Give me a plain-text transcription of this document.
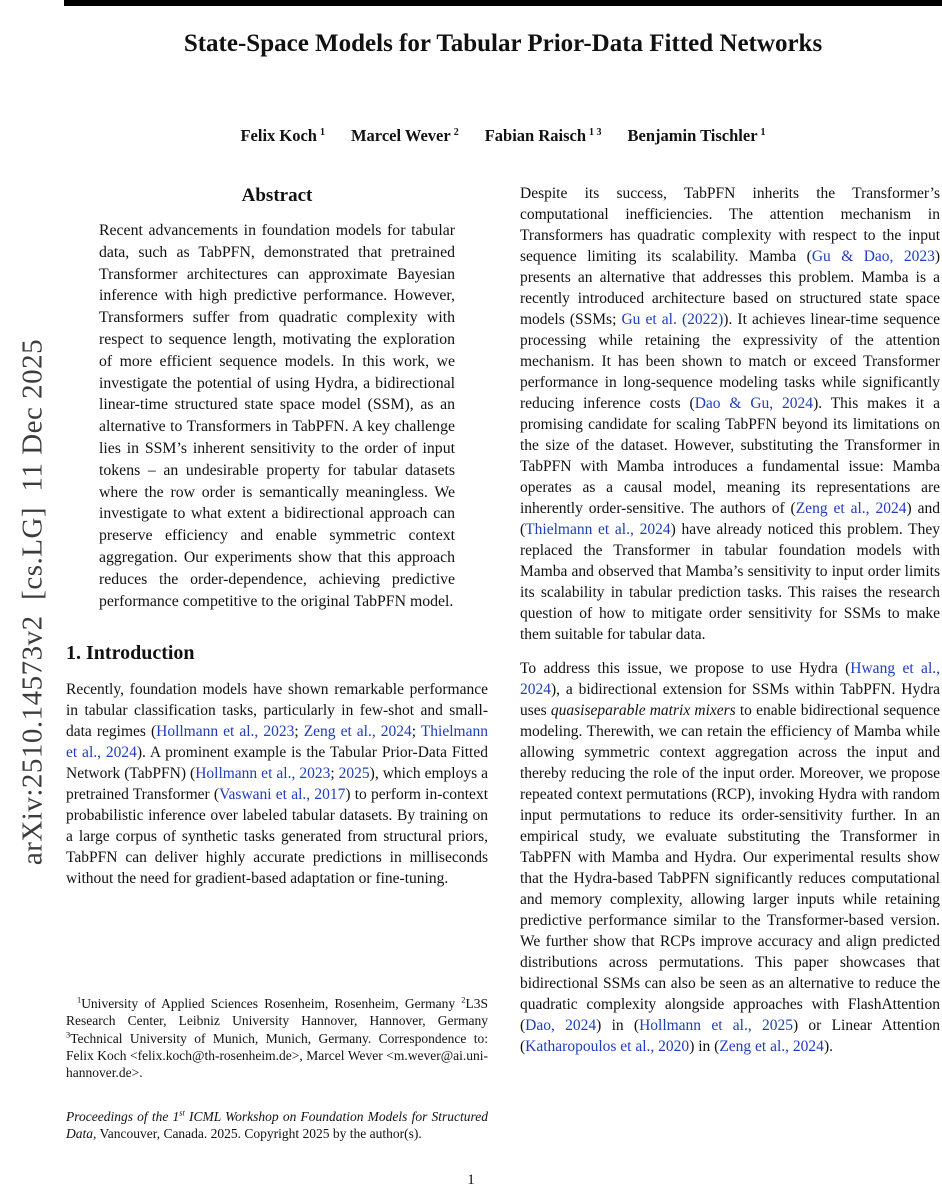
arXiv:2510.14573v2  [cs.LG]  11 Dec 2025
State-Space Models for Tabular Prior-Data Fitted Networks
Felix Koch $^1$ Marcel Wever $^2$ Fabian Raisch $^{1 3}$ Benjamin Tischler $^1$
Abstract

Recent advancements in foundation models for tabular data, such as TabPFN, demonstrated that pretrained Transformer architectures can approximate Bayesian inference with high predictive performance. However, Transformers suffer from quadratic complexity with respect to sequence length, motivating the exploration of more efficient sequence models. In this work, we investigate the potential of using Hydra, a bidirectional linear-time structured state space model (SSM), as an alternative to Transformers in TabPFN. A key challenge lies in SSM’s inherent sensitivity to the order of input tokens – an undesirable property for tabular datasets where the row order is semantically meaningless. We investigate to what extent a bidirectional approach can preserve efficiency and enable symmetric context aggregation. Our experiments show that this approach reduces the order-dependence, achieving predictive performance competitive to the original TabPFN model.

1. Introduction

Recently, foundation models have shown remarkable performance in tabular classification tasks, particularly in few-shot and small-data regimes (Hollmann et al., 2023; Zeng et al., 2024; Thielmann et al., 2024). A prominent example is the Tabular Prior-Data Fitted Network (TabPFN) (Hollmann et al., 2023; 2025), which employs a pretrained Transformer (Vaswani et al., 2017) to perform in-context probabilistic inference over labeled tabular datasets. By training on a large corpus of synthetic tasks generated from structural priors, TabPFN can deliver highly accurate predictions in milliseconds without the need for gradient-based adaptation or fine-tuning.

Despite its success, TabPFN inherits the Transformer’s computational inefficiencies. The attention mechanism in Transformers has quadratic complexity with respect to the input sequence limiting its scalability. Mamba (Gu & Dao, 2023) presents an alternative that addresses this problem. Mamba is a recently introduced architecture based on structured state space models (SSMs; Gu et al. (2022)). It achieves linear-time sequence processing while retaining the expressivity of the attention mechanism. It has been shown to match or exceed Transformer performance in long-sequence modeling tasks while significantly reducing inference costs (Dao & Gu, 2024). This makes it a promising candidate for scaling TabPFN beyond its limitations on the size of the dataset. However, substituting the Transformer in TabPFN with Mamba introduces a fundamental issue: Mamba operates as a causal model, meaning its representations are inherently order-sensitive. The authors of (Zeng et al., 2024) and (Thielmann et al., 2024) have already noticed this problem. They replaced the Transformer in tabular foundation models with Mamba and observed that Mamba’s sensitivity to input order limits its scalability in tabular prediction tasks. This raises the research question of how to mitigate order sensitivity for SSMs to make them suitable for tabular data.

To address this issue, we propose to use Hydra (Hwang et al., 2024), a bidirectional extension for SSMs within TabPFN. Hydra uses quasiseparable matrix mixers to enable bidirectional sequence modeling. Therewith, we can retain the efficiency of Mamba while allowing symmetric context aggregation across the input and thereby reducing the role of the input order. Moreover, we propose repeated context permutations (RCP), invoking Hydra with random input permutations to reduce its order-sensitivity further. In an empirical study, we evaluate substituting the Transformer in TabPFN with Mamba and Hydra. Our experimental results show that the Hydra-based TabPFN significantly reduces computational and memory complexity, allowing larger inputs while retaining predictive performance similar to the Transformer-based version. We further show that RCPs improve accuracy and align predicted distributions across permutations. This paper showcases that bidirectional SSMs can also be seen as an alternative to reduce the quadratic complexity alongside approaches with FlashAttention (Dao, 2024) in (Hollmann et al., 2025) or Linear Attention (Katharopoulos et al., 2020) in (Zeng et al., 2024).

$^1$University of Applied Sciences Rosenheim, Rosenheim, Germany $^2$L3S Research Center, Leibniz University Hannover, Hannover, Germany $^3$Technical University of Munich, Munich, Germany. Correspondence to: Felix Koch <felix.koch@th-rosenheim.de>, Marcel Wever <m.wever@ai.uni-hannover.de>.
Proceedings of the 1st ICML Workshop on Foundation Models for Structured Data, Vancouver, Canada. 2025. Copyright 2025 by the author(s).
1
